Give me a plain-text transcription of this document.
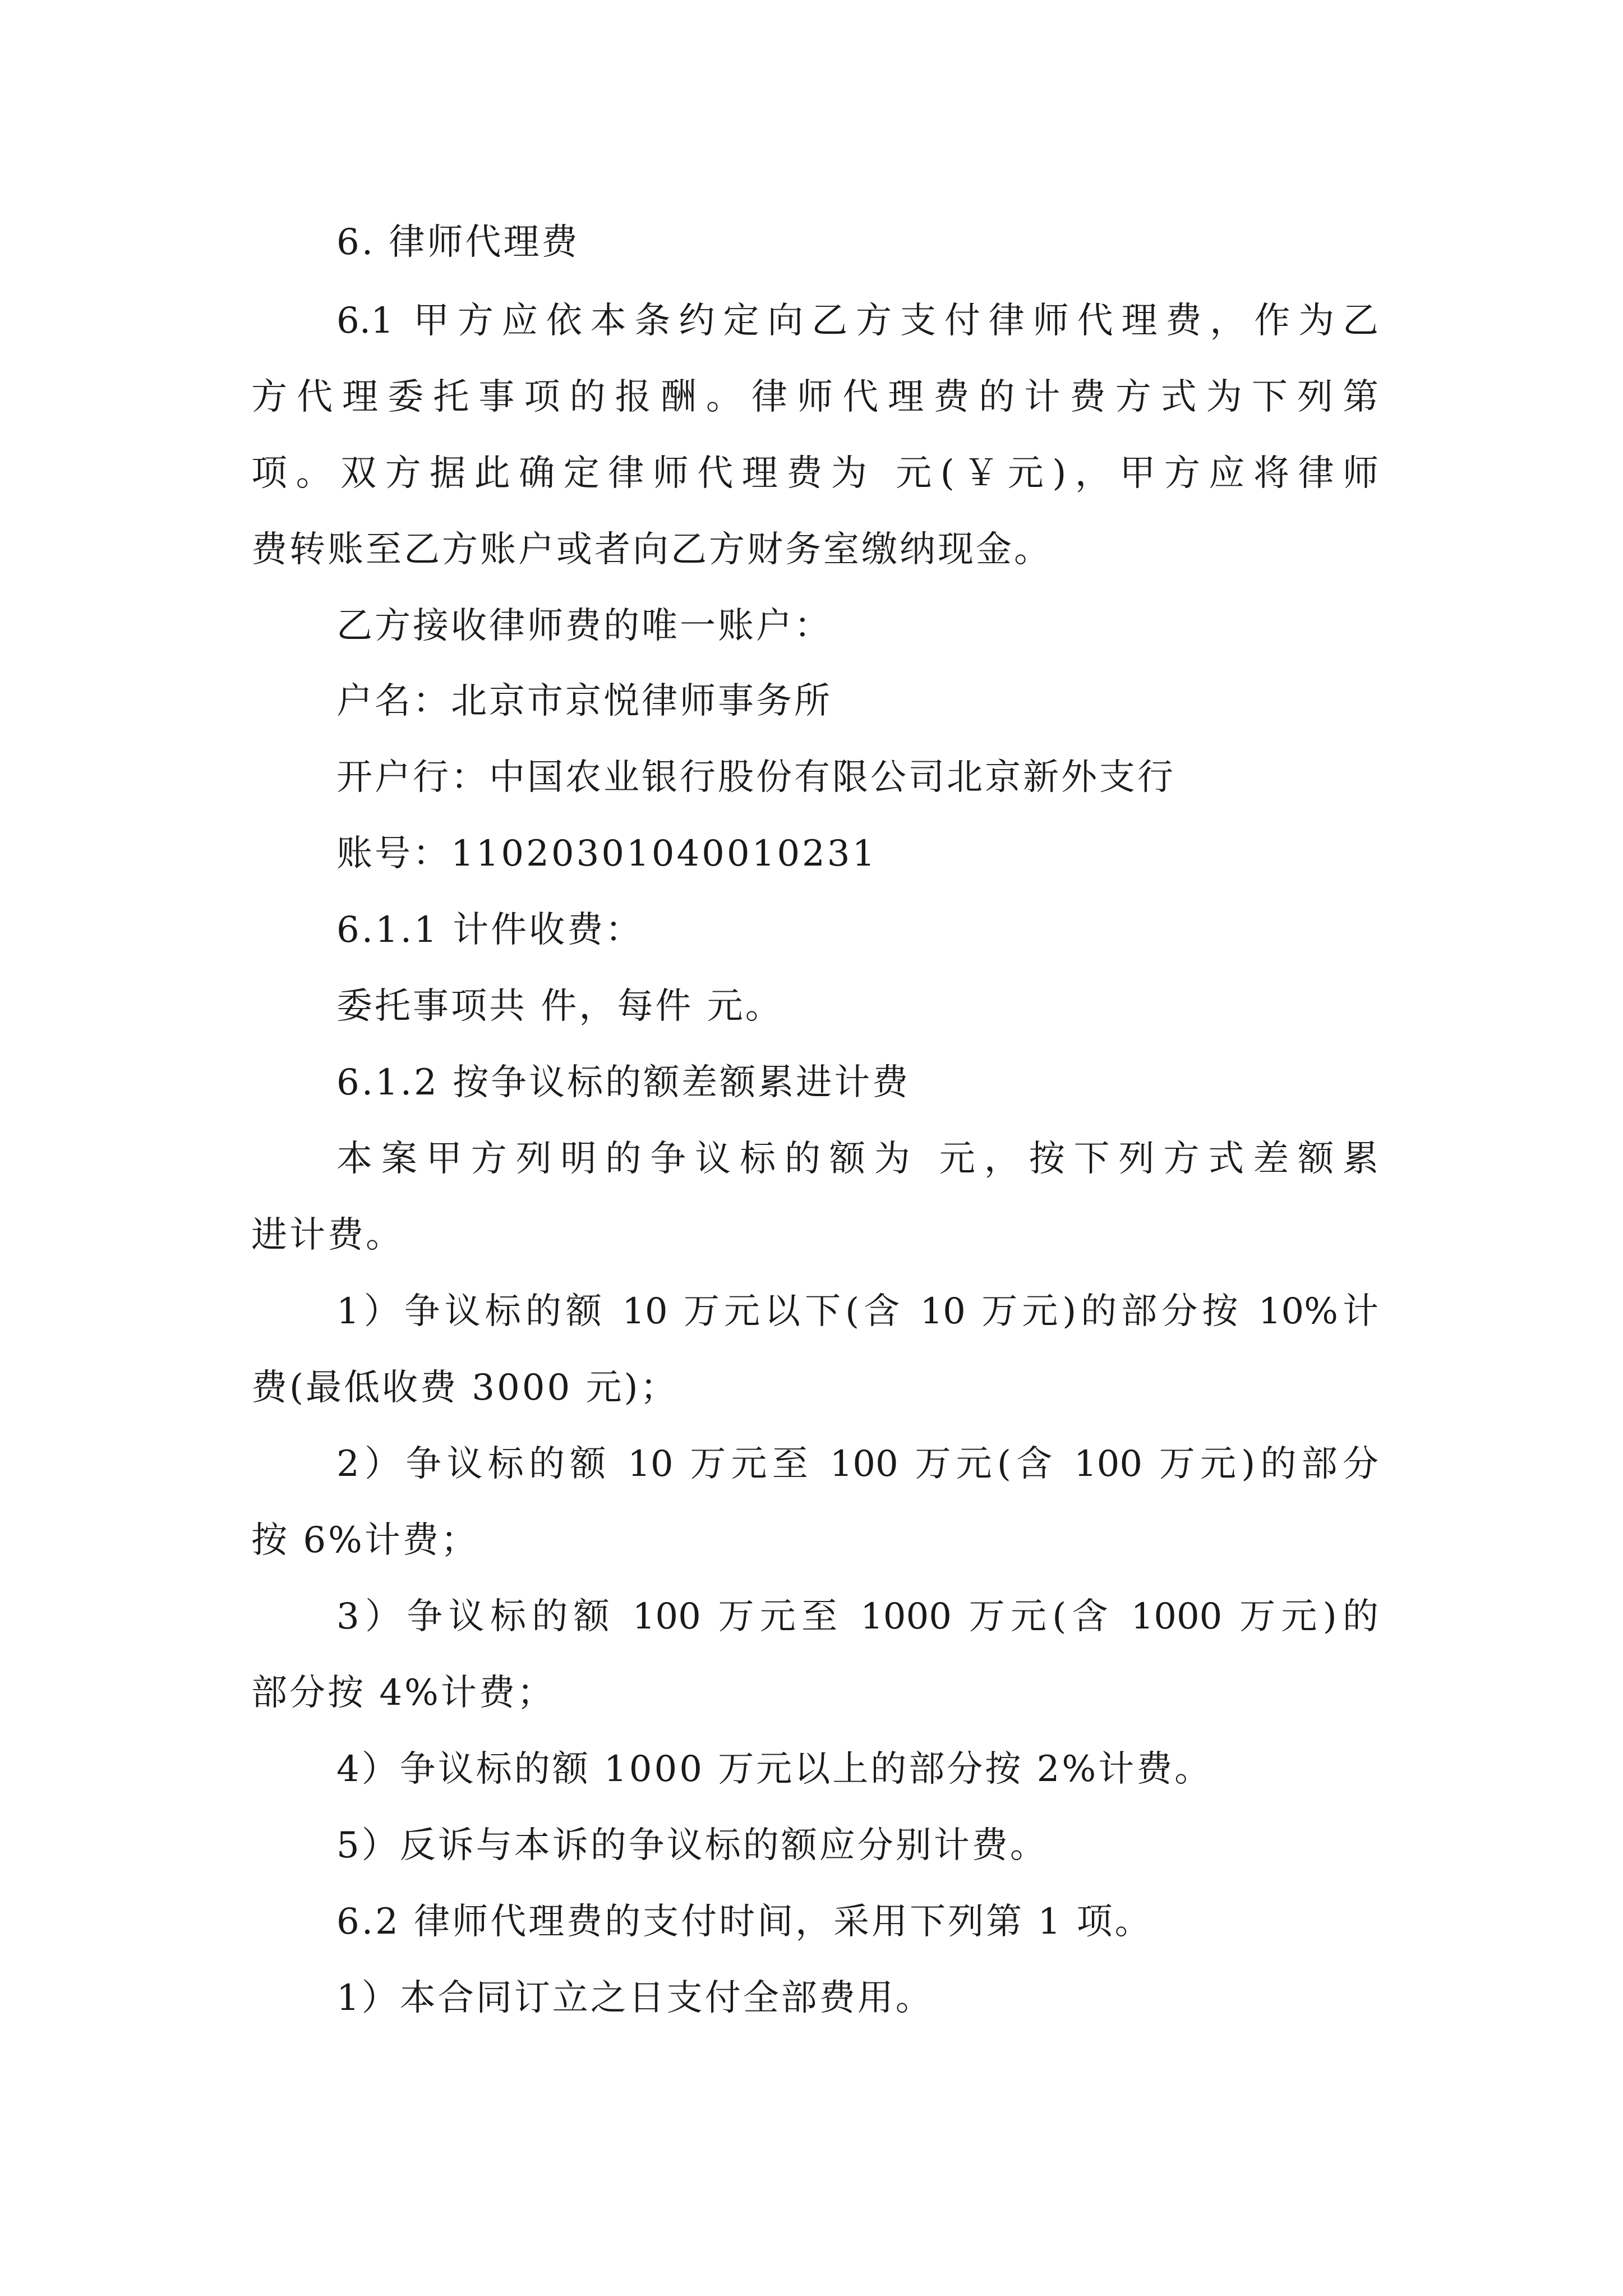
6. 律师代理费
6.1 甲方应依本条约定向乙方支付律师代理费，作为乙
方代理委托事项的报酬。律师代理费的计费方式为下列第
项。双方据此确定律师代理费为 元(￥元)，甲方应将律师
费转账至乙方账户或者向乙方财务室缴纳现金。
乙方接收律师费的唯一账户：
户名：北京市京悦律师事务所
开户行：中国农业银行股份有限公司北京新外支行
账号：11020301040010231
6.1.1 计件收费：
委托事项共 件，每件 元。
6.1.2 按争议标的额差额累进计费
本案甲方列明的争议标的额为 元，按下列方式差额累
进计费。
1）争议标的额 10 万元以下(含 10 万元)的部分按 10%计
费(最低收费 3000 元)；
2）争议标的额 10 万元至 100 万元(含 100 万元)的部分
按 6%计费；
3）争议标的额 100 万元至 1000 万元(含 1000 万元)的
部分按 4%计费；
4）争议标的额 1000 万元以上的部分按 2%计费。
5）反诉与本诉的争议标的额应分别计费。
6.2 律师代理费的支付时间，采用下列第 1 项。
1）本合同订立之日支付全部费用。
